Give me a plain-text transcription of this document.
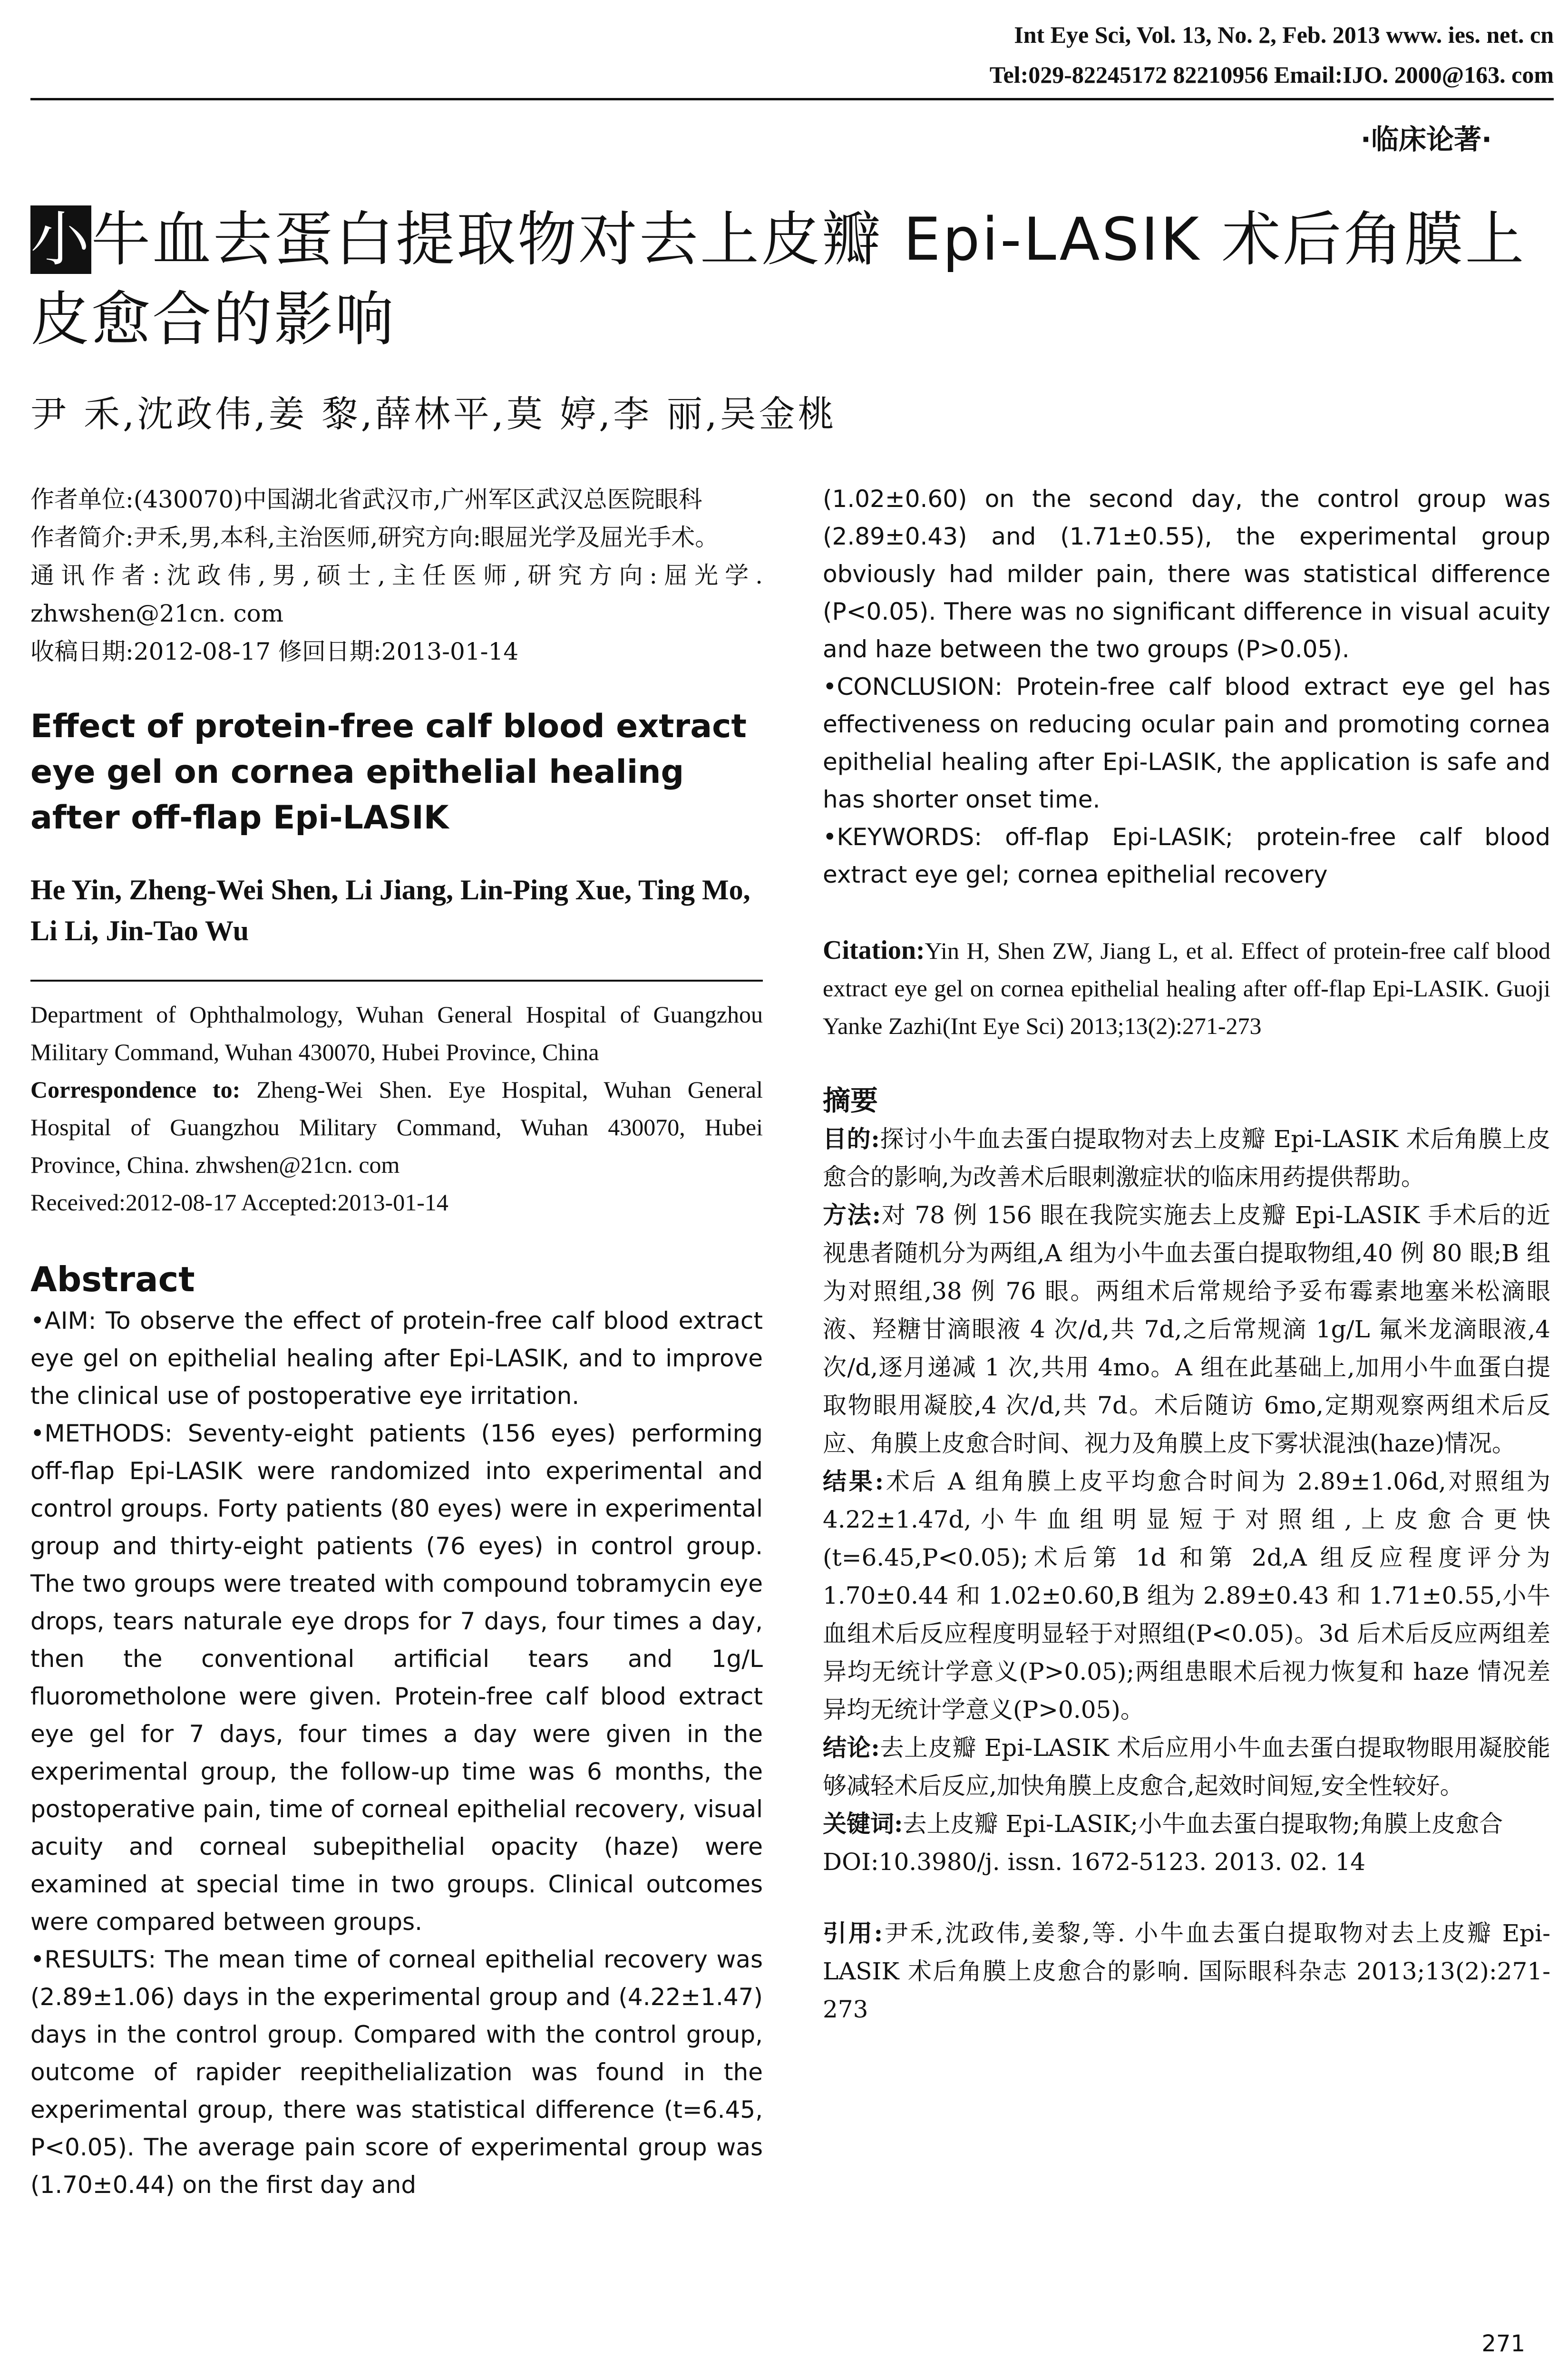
Int Eye Sci, Vol. 13, No. 2, Feb. 2013 www. ies. net. cn
Tel:029-82245172 82210956 Email:IJO. 2000@163. com
·临床论著·
小牛血去蛋白提取物对去上皮瓣 Epi-LASIK 术后角膜上皮愈合的影响
尹 禾,沈政伟,姜 黎,薛林平,莫 婷,李 丽,吴金桃

作者单位:(430070)中国湖北省武汉市,广州军区武汉总医院眼科

作者简介:尹禾,男,本科,主治医师,研究方向:眼屈光学及屈光手术。

通讯作者:沈政伟,男,硕士,主任医师,研究方向:屈光学. zhwshen@21cn. com

收稿日期:2012-08-17 修回日期:2013-01-14

Effect of protein-free calf blood extract eye gel on cornea epithelial healing after off-flap Epi-LASIK
He Yin, Zheng-Wei Shen, Li Jiang, Lin-Ping Xue, Ting Mo, Li Li, Jin-Tao Wu
Department of Ophthalmology, Wuhan General Hospital of Guangzhou Military Command, Wuhan 430070, Hubei Province, China
Correspondence to: Zheng-Wei Shen. Eye Hospital, Wuhan General Hospital of Guangzhou Military Command, Wuhan 430070, Hubei Province, China. zhwshen@21cn. com
Received:2012-08-17 Accepted:2013-01-14
Abstract

•AIM: To observe the effect of protein-free calf blood extract eye gel on epithelial healing after Epi-LASIK, and to improve the clinical use of postoperative eye irritation.

•METHODS: Seventy-eight patients (156 eyes) performing off-flap Epi-LASIK were randomized into experimental and control groups. Forty patients (80 eyes) were in experimental group and thirty-eight patients (76 eyes) in control group. The two groups were treated with compound tobramycin eye drops, tears naturale eye drops for 7 days, four times a day, then the conventional artificial tears and 1g/L fluorometholone were given. Protein-free calf blood extract eye gel for 7 days, four times a day were given in the experimental group, the follow-up time was 6 months, the postoperative pain, time of corneal epithelial recovery, visual acuity and corneal subepithelial opacity (haze) were examined at special time in two groups. Clinical outcomes were compared between groups.

•RESULTS: The mean time of corneal epithelial recovery was (2.89±1.06) days in the experimental group and (4.22±1.47) days in the control group. Compared with the control group, outcome of rapider reepithelialization was found in the experimental group, there was statistical difference (t=6.45, P<0.05). The average pain score of experimental group was (1.70±0.44) on the first day and

(1.02±0.60) on the second day, the control group was (2.89±0.43) and (1.71±0.55), the experimental group obviously had milder pain, there was statistical difference (P<0.05). There was no significant difference in visual acuity and haze between the two groups (P>0.05).

•CONCLUSION: Protein-free calf blood extract eye gel has effectiveness on reducing ocular pain and promoting cornea epithelial healing after Epi-LASIK, the application is safe and has shorter onset time.

•KEYWORDS: off-flap Epi-LASIK; protein-free calf blood extract eye gel; cornea epithelial recovery

Citation:Yin H, Shen ZW, Jiang L, et al. Effect of protein-free calf blood extract eye gel on cornea epithelial healing after off-flap Epi-LASIK. Guoji Yanke Zazhi(Int Eye Sci) 2013;13(2):271-273
摘要

目的:探讨小牛血去蛋白提取物对去上皮瓣 Epi-LASIK 术后角膜上皮愈合的影响,为改善术后眼刺激症状的临床用药提供帮助。

方法:对 78 例 156 眼在我院实施去上皮瓣 Epi-LASIK 手术后的近视患者随机分为两组,A 组为小牛血去蛋白提取物组,40 例 80 眼;B 组为对照组,38 例 76 眼。两组术后常规给予妥布霉素地塞米松滴眼液、羟糖甘滴眼液 4 次/d,共 7d,之后常规滴 1g/L 氟米龙滴眼液,4 次/d,逐月递减 1 次,共用 4mo。A 组在此基础上,加用小牛血蛋白提取物眼用凝胶,4 次/d,共 7d。术后随访 6mo,定期观察两组术后反应、角膜上皮愈合时间、视力及角膜上皮下雾状混浊(haze)情况。

结果:术后 A 组角膜上皮平均愈合时间为 2.89±1.06d,对照组为 4.22±1.47d,小牛血组明显短于对照组,上皮愈合更快(t=6.45,P<0.05);术后第 1d 和第 2d,A 组反应程度评分为 1.70±0.44 和 1.02±0.60,B 组为 2.89±0.43 和 1.71±0.55,小牛血组术后反应程度明显轻于对照组(P<0.05)。3d 后术后反应两组差异均无统计学意义(P>0.05);两组患眼术后视力恢复和 haze 情况差异均无统计学意义(P>0.05)。

结论:去上皮瓣 Epi-LASIK 术后应用小牛血去蛋白提取物眼用凝胶能够减轻术后反应,加快角膜上皮愈合,起效时间短,安全性较好。

关键词:去上皮瓣 Epi-LASIK;小牛血去蛋白提取物;角膜上皮愈合

DOI:10.3980/j. issn. 1672-5123. 2013. 02. 14

引用:尹禾,沈政伟,姜黎,等. 小牛血去蛋白提取物对去上皮瓣 Epi-LASIK 术后角膜上皮愈合的影响. 国际眼科杂志 2013;13(2):271-273

271
